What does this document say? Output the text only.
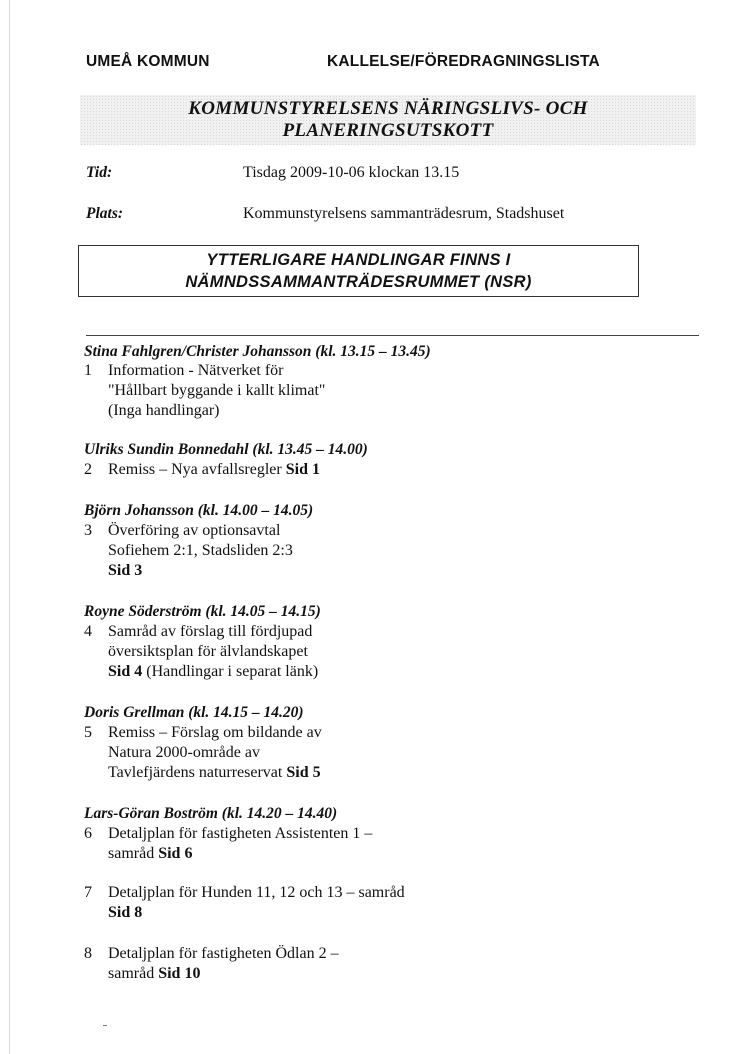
UMEÅ KOMMUN	KALLELSE/FÖREDRAGNINGSLISTA
KOMMUNSTYRELSENS NÄRINGSLIVS- OCH
PLANERINGSUTSKOTT
Tid:	Tisdag 2009-10-06 klockan 13.15
Plats:	Kommunstyrelsens sammanträdesrum, Stadshuset
YTTERLIGARE HANDLINGAR FINNS I
NÄMNDSSAMMANTRÄDESRUMMET (NSR)
Stina Fahlgren/Christer Johansson (kl. 13.15 – 13.45)
1 Information - Nätverket för
"Hållbart byggande i kallt klimat"
(Inga handlingar)
Ulriks Sundin Bonnedahl (kl. 13.45 – 14.00)
2 Remiss – Nya avfallsregler Sid 1
Björn Johansson (kl. 14.00 – 14.05)
3 Överföring av optionsavtal
Sofiehem 2:1, Stadsliden 2:3
Sid 3
Royne Söderström (kl. 14.05 – 14.15)
4 Samråd av förslag till fördjupad
översiktsplan för älvlandskapet
Sid 4 (Handlingar i separat länk)
Doris Grellman (kl. 14.15 – 14.20)
5 Remiss – Förslag om bildande av
Natura 2000-område av
Tavlefjärdens naturreservat Sid 5
Lars-Göran Boström (kl. 14.20 – 14.40)
6 Detaljplan för fastigheten Assistenten 1 –
samråd Sid 6
7 Detaljplan för Hunden 11, 12 och 13 – samråd
Sid 8
8 Detaljplan för fastigheten Ödlan 2 –
samråd Sid 10
